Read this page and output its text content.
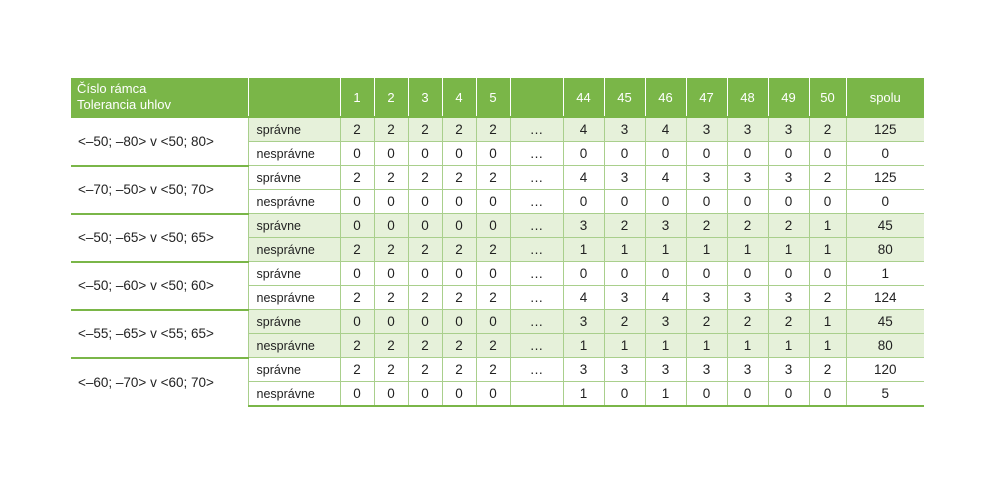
Číslo rámca
Tolerancia uhlov		1	2	3	4	5		44	45	46	47	48	49	50	spolu
<–50; –80> v <50; 80>	správne	2	2	2	2	2	…	4	3	4	3	3	3	2	125
	nesprávne	0	0	0	0	0	…	0	0	0	0	0	0	0	0
<–70; –50> v <50; 70>	správne	2	2	2	2	2	…	4	3	4	3	3	3	2	125
	nesprávne	0	0	0	0	0	…	0	0	0	0	0	0	0	0
<–50; –65> v <50; 65>	správne	0	0	0	0	0	…	3	2	3	2	2	2	1	45
	nesprávne	2	2	2	2	2	…	1	1	1	1	1	1	1	80
<–50; –60> v <50; 60>	správne	0	0	0	0	0	…	0	0	0	0	0	0	0	1
	nesprávne	2	2	2	2	2	…	4	3	4	3	3	3	2	124
<–55; –65> v <55; 65>	správne	0	0	0	0	0	…	3	2	3	2	2	2	1	45
	nesprávne	2	2	2	2	2	…	1	1	1	1	1	1	1	80
<–60; –70> v <60; 70>	správne	2	2	2	2	2	…	3	3	3	3	3	3	2	120
	nesprávne	0	0	0	0	0		1	0	1	0	0	0	0	5
